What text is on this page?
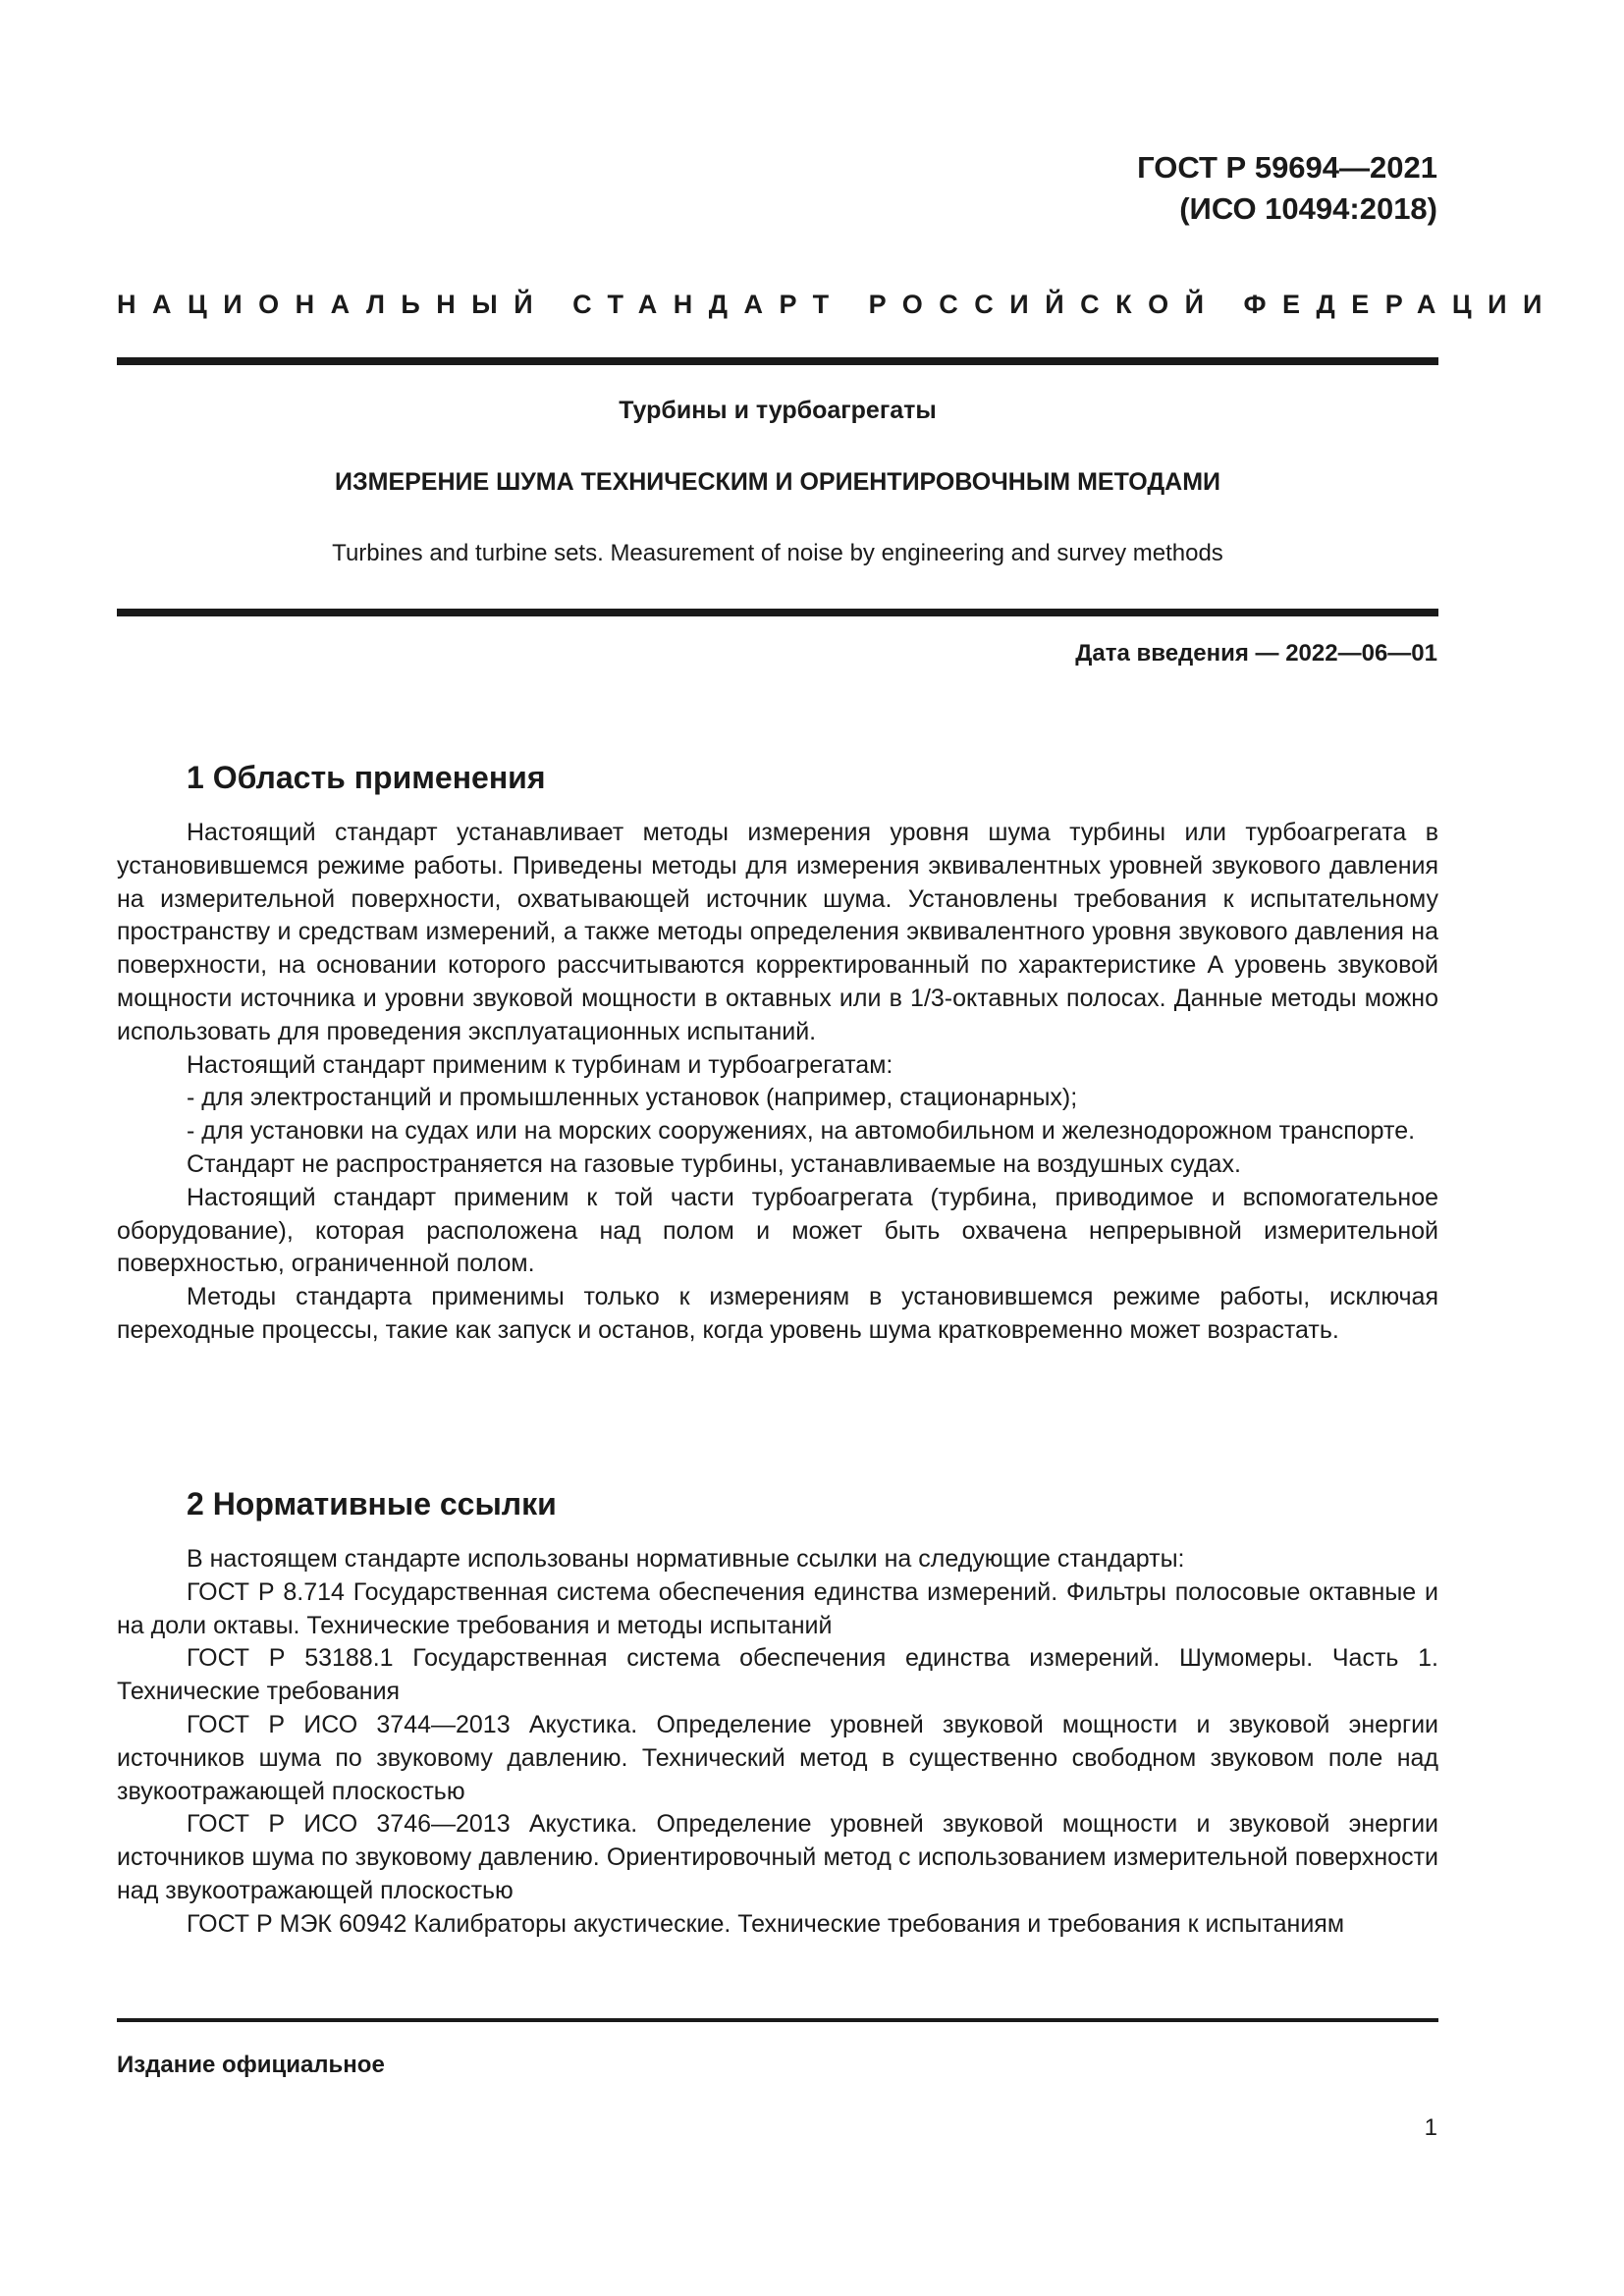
ГОСТ Р 59694—2021
(ИСО 10494:2018)
НАЦИОНАЛЬНЫЙ СТАНДАРТ РОССИЙСКОЙ ФЕДЕРАЦИИ
Турбины и турбоагрегаты
ИЗМЕРЕНИЕ ШУМА ТЕХНИЧЕСКИМ И ОРИЕНТИРОВОЧНЫМ МЕТОДАМИ
Turbines and turbine sets. Measurement of noise by engineering and survey methods
Дата введения — 2022—06—01
1 Область применения

Настоящий стандарт устанавливает методы измерения уровня шума турбины или турбоагрегата в установившемся режиме работы. Приведены методы для измерения эквивалентных уровней звукового давления на измерительной поверхности, охватывающей источник шума. Установлены требования к испытательному пространству и средствам измерений, а также методы определения эквивалентного уровня звукового давления на поверхности, на основании которого рассчитываются корректированный по характеристике А уровень звуковой мощности источника и уровни звуковой мощности в октавных или в 1/3-октавных полосах. Данные методы можно использовать для проведения эксплуатационных испытаний.

Настоящий стандарт применим к турбинам и турбоагрегатам:

- для электростанций и промышленных установок (например, стационарных);

- для установки на судах или на морских сооружениях, на автомобильном и железнодорожном транспорте.

Стандарт не распространяется на газовые турбины, устанавливаемые на воздушных судах.

Настоящий стандарт применим к той части турбоагрегата (турбина, приводимое и вспомогательное оборудование), которая расположена над полом и может быть охвачена непрерывной измерительной поверхностью, ограниченной полом.

Методы стандарта применимы только к измерениям в установившемся режиме работы, исключая переходные процессы, такие как запуск и останов, когда уровень шума кратковременно может возрастать.

2 Нормативные ссылки

В настоящем стандарте использованы нормативные ссылки на следующие стандарты:

ГОСТ Р 8.714 Государственная система обеспечения единства измерений. Фильтры полосовые октавные и на доли октавы. Технические требования и методы испытаний

ГОСТ Р 53188.1 Государственная система обеспечения единства измерений. Шумомеры. Часть 1. Технические требования

ГОСТ Р ИСО 3744—2013 Акустика. Определение уровней звуковой мощности и звуковой энергии источников шума по звуковому давлению. Технический метод в существенно свободном звуковом поле над звукоотражающей плоскостью

ГОСТ Р ИСО 3746—2013 Акустика. Определение уровней звуковой мощности и звуковой энергии источников шума по звуковому давлению. Ориентировочный метод с использованием измерительной поверхности над звукоотражающей плоскостью

ГОСТ Р МЭК 60942 Калибраторы акустические. Технические требования и требования к испытаниям

Издание официальное
1
